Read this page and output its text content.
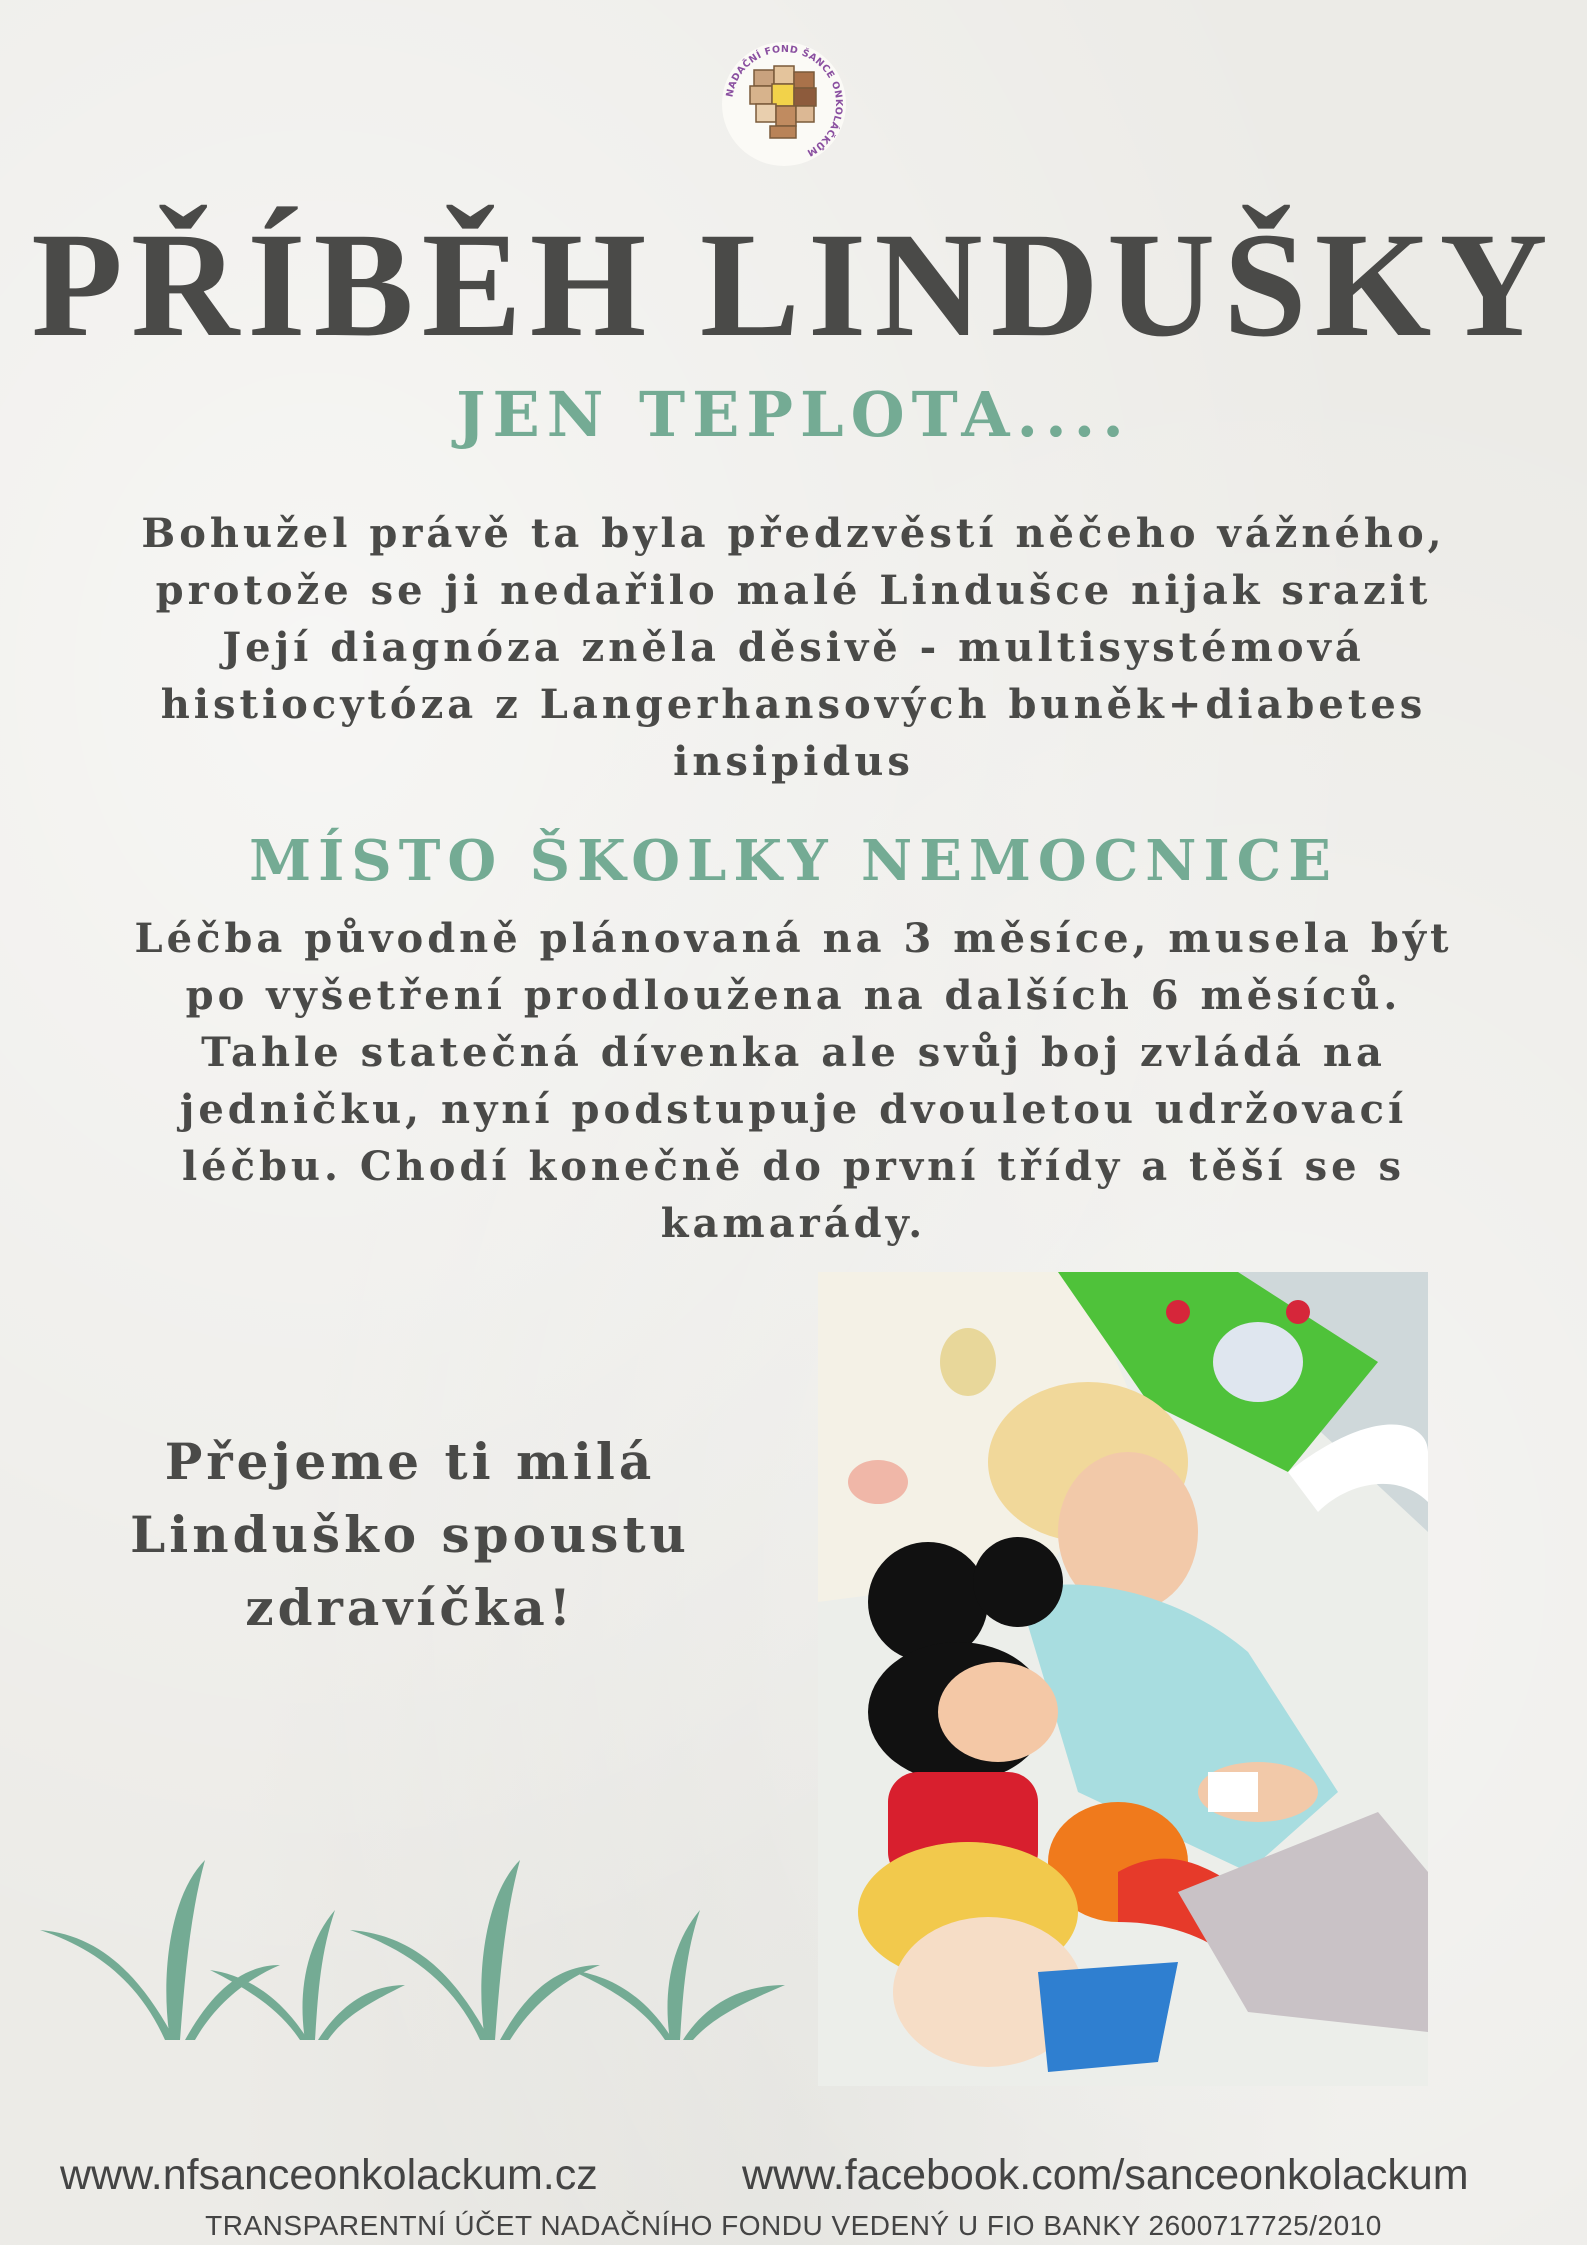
NADAČNÍ FOND ŠANCE ONKOLÁČKŮM
PŘÍBĚH LINDUŠKY
JEN TEPLOTA....

Bohužel právě ta byla předzvěstí něčeho vážného,
protože se ji nedařilo malé Lindušce nijak srazit
Její diagnóza zněla děsivě - multisystémová
histiocytóza z Langerhansových buněk+diabetes
insipidus

MÍSTO ŠKOLKY NEMOCNICE

Léčba původně plánovaná na 3 měsíce, musela být
po vyšetření prodloužena na dalších 6 měsíců.
Tahle statečná dívenka ale svůj boj zvládá na
jedničku, nyní podstupuje dvouletou udržovací
léčbu. Chodí konečně do první třídy a těší se s
kamarády.

Přejeme ti milá
Linduško spoustu
zdravíčka!

www.nfsanceonkolackum.cz	www.facebook.com/sanceonkolackum

TRANSPARENTNÍ ÚČET NADAČNÍHO FONDU VEDENÝ U FIO BANKY 2600717725/2010
